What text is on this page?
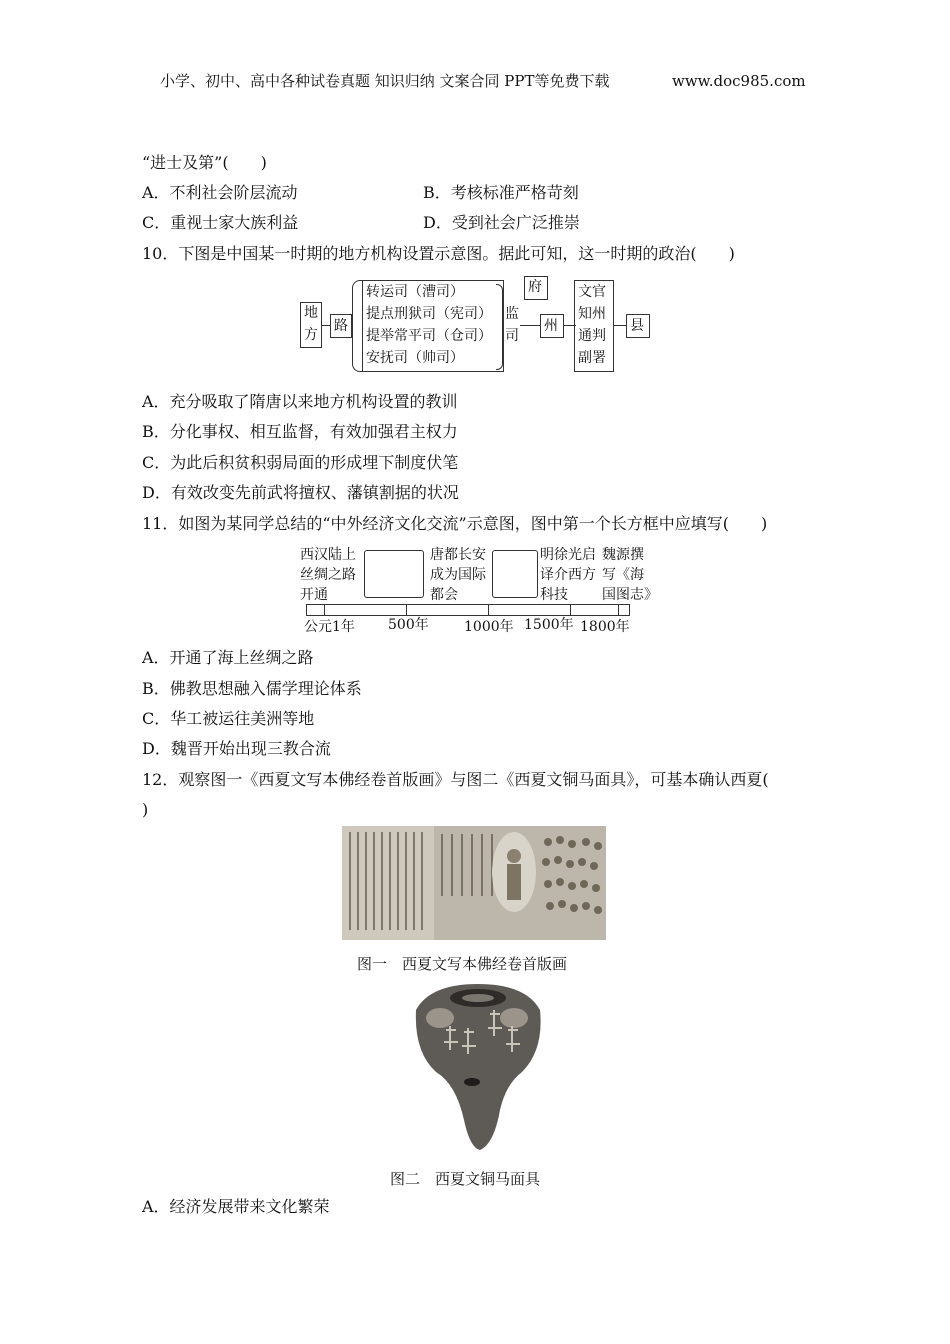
小学、初中、高中各种试卷真题 知识归纳 文案合同 PPT等免费下载	www.doc985.com
“进士及第”(　　)
A．不利社会阶层流动	B．考核标准严格苛刻
C．重视士家大族利益	D．受到社会广泛推崇
10．下图是中国某一时期的地方机构设置示意图。据此可知，这一时期的政治(　　)
地
方
路
转运司（漕司）
提点刑狱司（宪司）
提举常平司（仓司）
安抚司（帅司）
监
司
府
州
文官
知州
通判
副署
县
A．充分吸取了隋唐以来地方机构设置的教训
B．分化事权、相互监督，有效加强君主权力
C．为此后积贫积弱局面的形成埋下制度伏笔
D．有效改变先前武将擅权、藩镇割据的状况
11．如图为某同学总结的“中外经济文化交流”示意图，图中第一个长方框中应填写(　　)
西汉陆上
丝绸之路
开通
唐都长安
成为国际
都会
明徐光启
译介西方
科技
魏源撰
写《海
国图志》
公元1年 500年	1000年 1500年 1800年
A．开通了海上丝绸之路
B．佛教思想融入儒学理论体系
C．华工被运往美洲等地
D．魏晋开始出现三教合流
12．观察图一《西夏文写本佛经卷首版画》与图二《西夏文铜马面具》，可基本确认西夏(
)
图一　西夏文写本佛经卷首版画
图二　西夏文铜马面具
A．经济发展带来文化繁荣
